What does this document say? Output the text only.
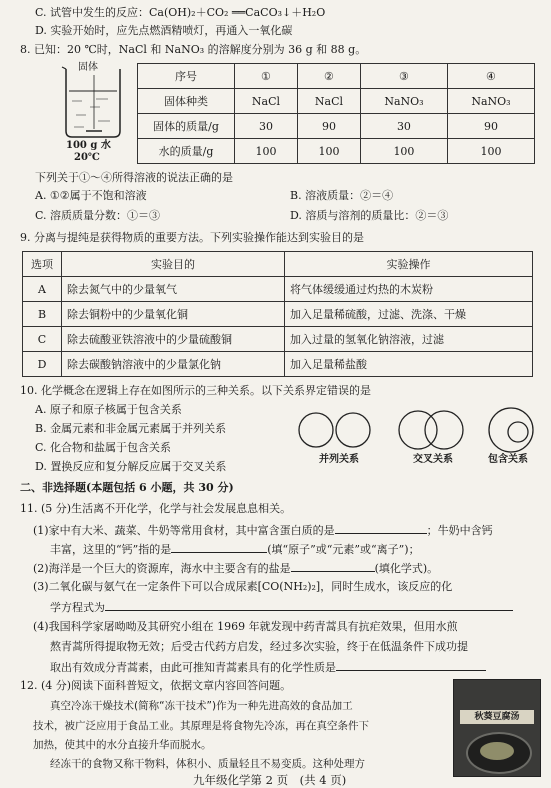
C. 试管中发生的反应：Ca(OH)₂＋CO₂ ══CaCO₃↓＋H₂O
D. 实验开始时，应先点燃酒精喷灯，再通入一氧化碳
8. 已知：20 ℃时，NaCl 和 NaNO₃ 的溶解度分别为 36 g 和 88 g。
固体
100 g 水
20℃
序号	①	②	③	④
固体种类	NaCl	NaCl	NaNO₃	NaNO₃
固体的质量/g	30	90	30	90
水的质量/g	100	100	100	100
下列关于①～④所得溶液的说法正确的是
A. ①②属于不饱和溶液	B. 溶液质量：②＝④
C. 溶质质量分数：①＝③	D. 溶质与溶剂的质量比：②＝③
9. 分离与提纯是获得物质的重要方法。下列实验操作能达到实验目的是
选项	实验目的	实验操作
A	除去氮气中的少量氧气	将气体缓缓通过灼热的木炭粉
B	除去铜粉中的少量氧化铜	加入足量稀硫酸，过滤、洗涤、干燥
C	除去硫酸亚铁溶液中的少量硫酸铜	加入过量的氢氧化钠溶液，过滤
D	除去碳酸钠溶液中的少量氯化钠	加入足量稀盐酸
10. 化学概念在逻辑上存在如图所示的三种关系。以下关系界定错误的是
A. 原子和原子核属于包含关系
B. 金属元素和非金属元素属于并列关系
C. 化合物和盐属于包含关系
D. 置换反应和复分解反应属于交叉关系
并列关系	交叉关系	包含关系
二、非选择题(本题包括 6 小题，共 30 分)
11. (5 分)生活离不开化学，化学与社会发展息息相关。
(1)家中有大米、蔬菜、牛奶等常用食材，其中富含蛋白质的是	；牛奶中含钙
丰富，这里的“钙”指的是	(填“原子”或“元素”或“离子”)；
(2)海洋是一个巨大的资源库，海水中主要含有的盐是	(填化学式)。
(3)二氧化碳与氨气在一定条件下可以合成尿素[CO(NH₂)₂]，同时生成水，该反应的化
学方程式为
(4)我国科学家屠呦呦及其研究小组在 1969 年就发现中药青蒿具有抗疟效果，但用水煎
熬青蒿所得提取物无效；后受古代药方启发，经过多次实验，终于在低温条件下成功提
取出有效成分青蒿素，由此可推知青蒿素具有的化学性质是
12. (4 分)阅读下面科普短文，依据文章内容回答问题。
真空冷冻干燥技术(简称“冻干技术”)作为一种先进高效的食品加工
技术，被广泛应用于食品工业。其原理是将食物先冷冻，再在真空条件下
加热，使其中的水分直接升华而脱水。
经冻干的食物又称干物料，体积小、质量轻且不易变质。这种处理方
秋葵豆腐汤
九年级化学第 2 页　(共 4 页)
